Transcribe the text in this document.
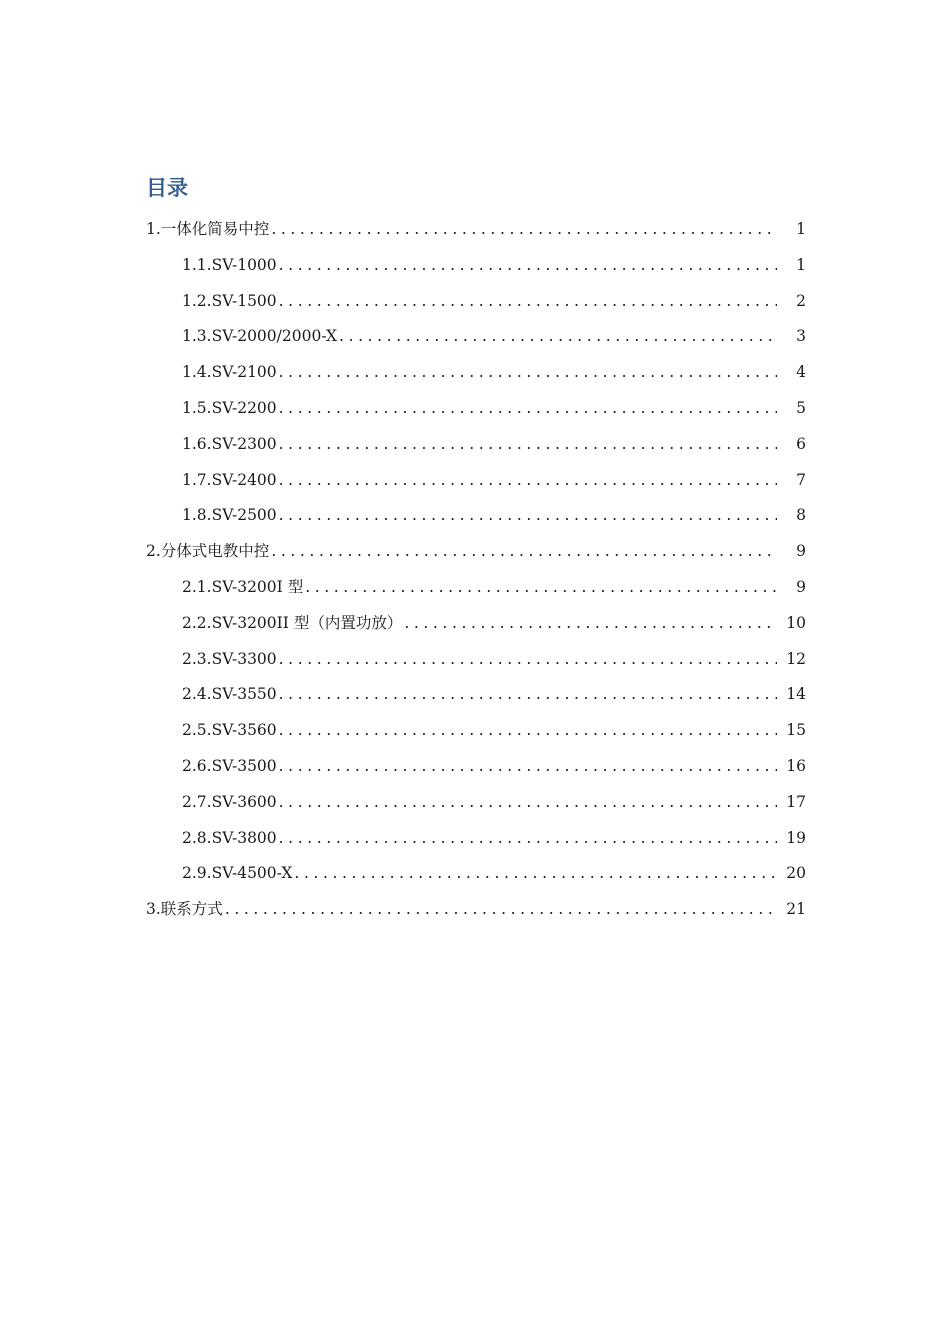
目录
1. 一体化简易中控 .....	1
1.1. SV-1000 .....	1
1.2. SV-1500 .....	2
1.3. SV-2000/2000-X .....	3
1.4. SV-2100 .....	4
1.5. SV-2200 .....	5
1.6. SV-2300 .....	6
1.7. SV-2400 .....	7
1.8. SV-2500 .....	8
2. 分体式电教中控 .....	9
2.1. SV-3200I 型 .....	9
2.2. SV-3200II 型（内置功放） .....	10
2.3. SV-3300 .....	12
2.4. SV-3550 .....	14
2.5. SV-3560 .....	15
2.6. SV-3500 .....	16
2.7. SV-3600 .....	17
2.8. SV-3800 .....	19
2.9. SV-4500-X .....	20
3. 联系方式 .....	21
